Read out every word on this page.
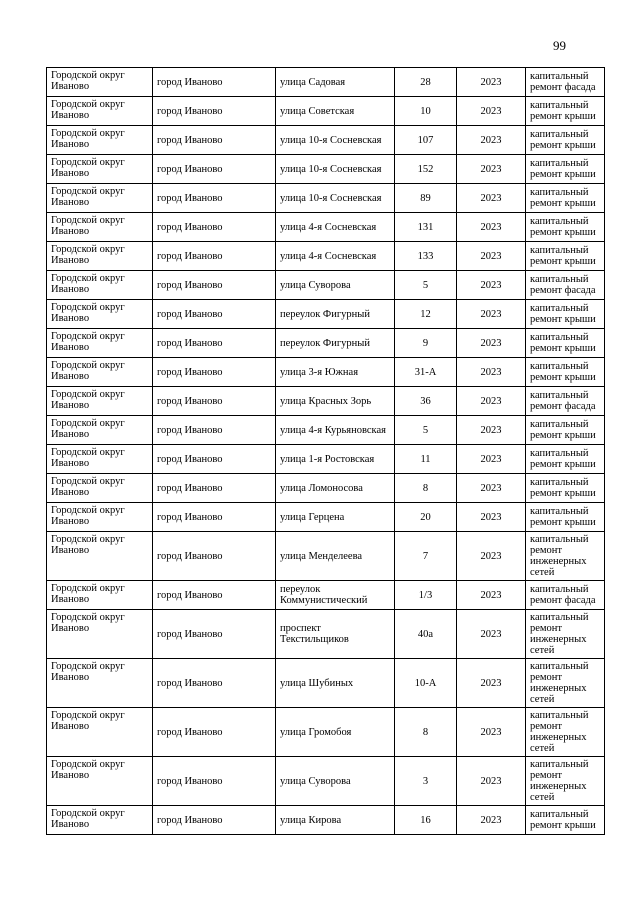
99
Городской округ Иваново	город Иваново	улица Садовая	28	2023	капитальный ремонт фасада
Городской округ Иваново	город Иваново	улица Советская	10	2023	капитальный ремонт крыши
Городской округ Иваново	город Иваново	улица 10-я Сосневская	107	2023	капитальный ремонт крыши
Городской округ Иваново	город Иваново	улица 10-я Сосневская	152	2023	капитальный ремонт крыши
Городской округ Иваново	город Иваново	улица 10-я Сосневская	89	2023	капитальный ремонт крыши
Городской округ Иваново	город Иваново	улица 4-я Сосневская	131	2023	капитальный ремонт крыши
Городской округ Иваново	город Иваново	улица 4-я Сосневская	133	2023	капитальный ремонт крыши
Городской округ Иваново	город Иваново	улица Суворова	5	2023	капитальный ремонт фасада
Городской округ Иваново	город Иваново	переулок Фигурный	12	2023	капитальный ремонт крыши
Городской округ Иваново	город Иваново	переулок Фигурный	9	2023	капитальный ремонт крыши
Городской округ Иваново	город Иваново	улица 3-я Южная	31-А	2023	капитальный ремонт крыши
Городской округ Иваново	город Иваново	улица Красных Зорь	36	2023	капитальный ремонт фасада
Городской округ Иваново	город Иваново	улица 4-я Курьяновская	5	2023	капитальный ремонт крыши
Городской округ Иваново	город Иваново	улица 1-я Ростовская	11	2023	капитальный ремонт крыши
Городской округ Иваново	город Иваново	улица Ломоносова	8	2023	капитальный ремонт крыши
Городской округ Иваново	город Иваново	улица Герцена	20	2023	капитальный ремонт крыши
Городской округ Иваново	город Иваново	улица Менделеева	7	2023	капитальный ремонт инженерных сетей
Городской округ Иваново	город Иваново	переулок Коммунистический	1/3	2023	капитальный ремонт фасада
Городской округ Иваново	город Иваново	проспект Текстильщиков	40а	2023	капитальный ремонт инженерных сетей
Городской округ Иваново	город Иваново	улица Шубиных	10-А	2023	капитальный ремонт инженерных сетей
Городской округ Иваново	город Иваново	улица Громобоя	8	2023	капитальный ремонт инженерных сетей
Городской округ Иваново	город Иваново	улица Суворова	3	2023	капитальный ремонт инженерных сетей
Городской округ Иваново	город Иваново	улица Кирова	16	2023	капитальный ремонт крыши
